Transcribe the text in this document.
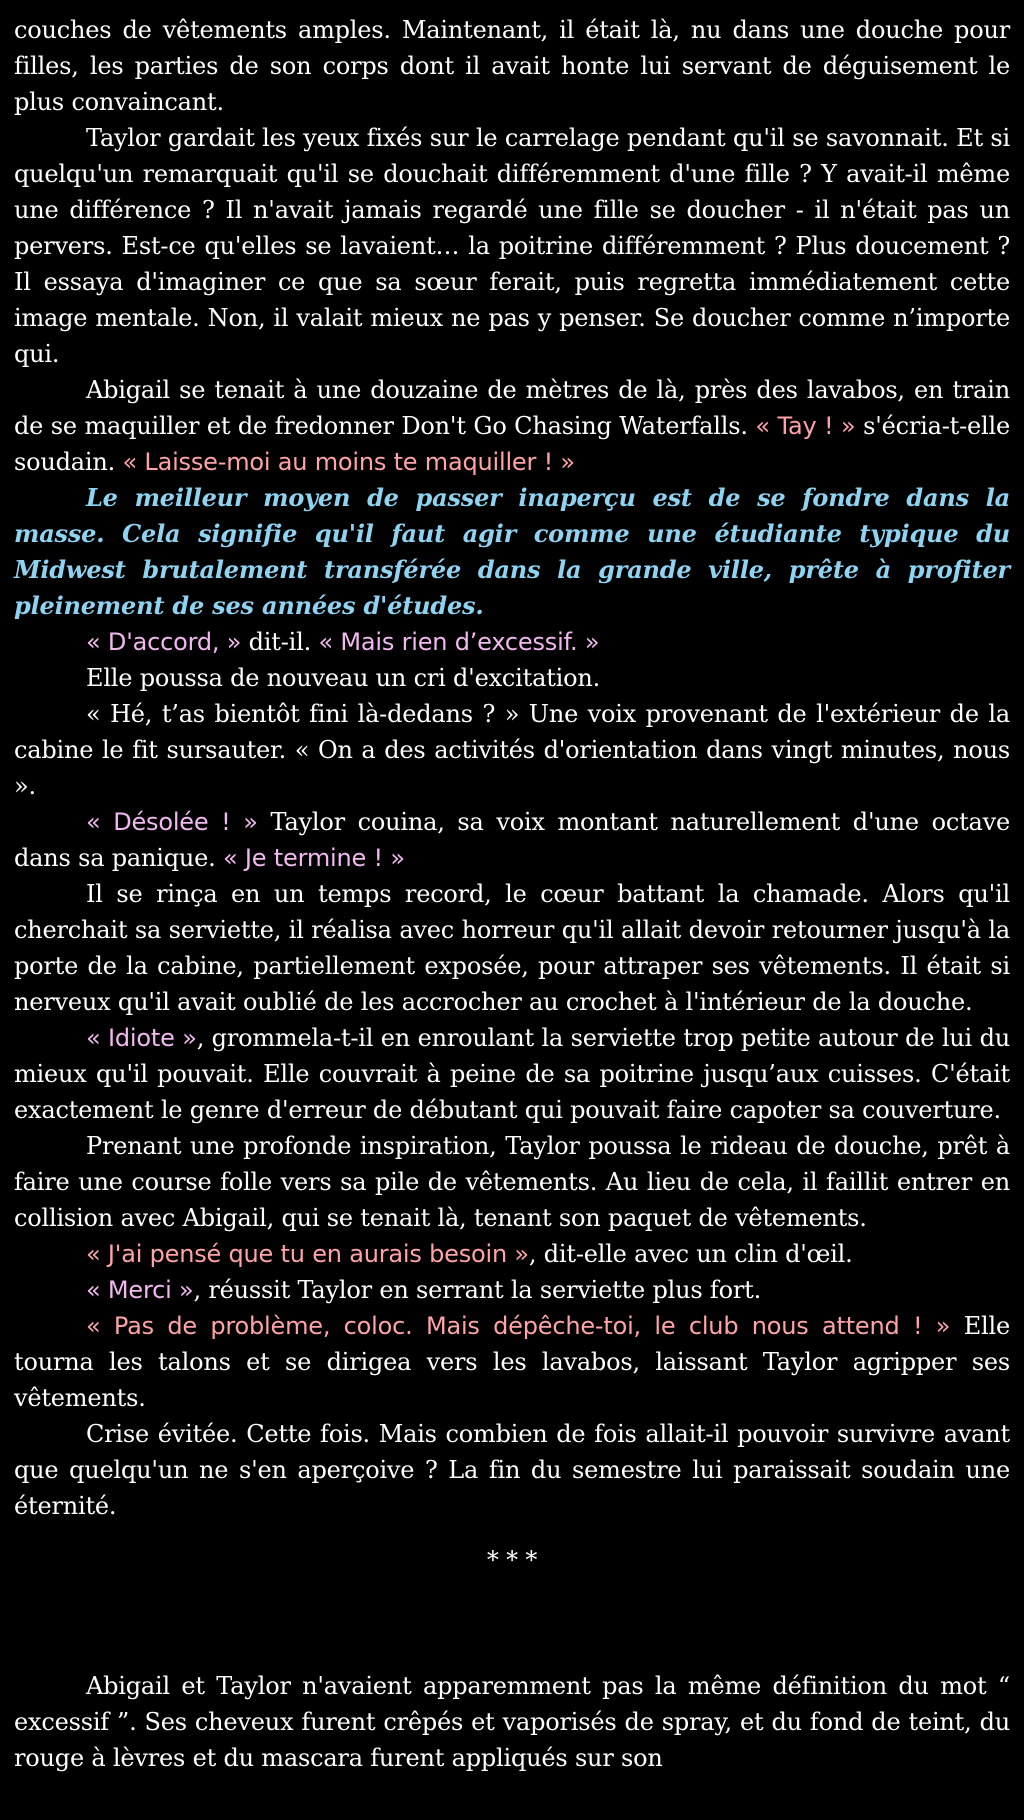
couches de vêtements amples. Maintenant, il était là, nu dans une douche pour filles, les parties de son corps dont il avait honte lui servant de déguisement le plus convaincant.

Taylor gardait les yeux fixés sur le carrelage pendant qu'il se savonnait. Et si quelqu'un remarquait qu'il se douchait différemment d'une fille ? Y avait-il même une différence ? Il n'avait jamais regardé une fille se doucher - il n'était pas un pervers. Est-ce qu'elles se lavaient… la poitrine différemment ? Plus doucement ? Il essaya d'imaginer ce que sa sœur ferait, puis regretta immédiatement cette image mentale. Non, il valait mieux ne pas y penser. Se doucher comme n’importe qui.

Abigail se tenait à une douzaine de mètres de là, près des lavabos, en train de se maquiller et de fredonner Don't Go Chasing Waterfalls. « Tay ! » s'écria-t-elle soudain. « Laisse-moi au moins te maquiller ! »

Le meilleur moyen de passer inaperçu est de se fondre dans la masse. Cela signifie qu'il faut agir comme une étudiante typique du Midwest brutalement transférée dans la grande ville, prête à profiter pleinement de ses années d'études.

« D'accord, » dit-il. « Mais rien d’excessif. »

Elle poussa de nouveau un cri d'excitation.

« Hé, t’as bientôt fini là-dedans ? » Une voix provenant de l'extérieur de la cabine le fit sursauter. « On a des activités d'orientation dans vingt minutes, nous ».

« Désolée ! » Taylor couina, sa voix montant naturellement d'une octave dans sa panique. « Je termine ! »

Il se rinça en un temps record, le cœur battant la chamade. Alors qu'il cherchait sa serviette, il réalisa avec horreur qu'il allait devoir retourner jusqu'à la porte de la cabine, partiellement exposée, pour attraper ses vêtements. Il était si nerveux qu'il avait oublié de les accrocher au crochet à l'intérieur de la douche.

« Idiote », grommela-t-il en enroulant la serviette trop petite autour de lui du mieux qu'il pouvait. Elle couvrait à peine de sa poitrine jusqu’aux cuisses. C'était exactement le genre d'erreur de débutant qui pouvait faire capoter sa couverture.

Prenant une profonde inspiration, Taylor poussa le rideau de douche, prêt à faire une course folle vers sa pile de vêtements. Au lieu de cela, il faillit entrer en collision avec Abigail, qui se tenait là, tenant son paquet de vêtements.

« J'ai pensé que tu en aurais besoin », dit-elle avec un clin d'œil.

« Merci », réussit Taylor en serrant la serviette plus fort.

« Pas de problème, coloc. Mais dépêche-toi, le club nous attend ! » Elle tourna les talons et se dirigea vers les lavabos, laissant Taylor agripper ses vêtements.

Crise évitée. Cette fois. Mais combien de fois allait-il pouvoir survivre avant que quelqu'un ne s'en aperçoive ? La fin du semestre lui paraissait soudain une éternité.

* * *

Abigail et Taylor n'avaient apparemment pas la même définition du mot “ excessif ”. Ses cheveux furent crêpés et vaporisés de spray, et du fond de teint, du rouge à lèvres et du mascara furent appliqués sur son
